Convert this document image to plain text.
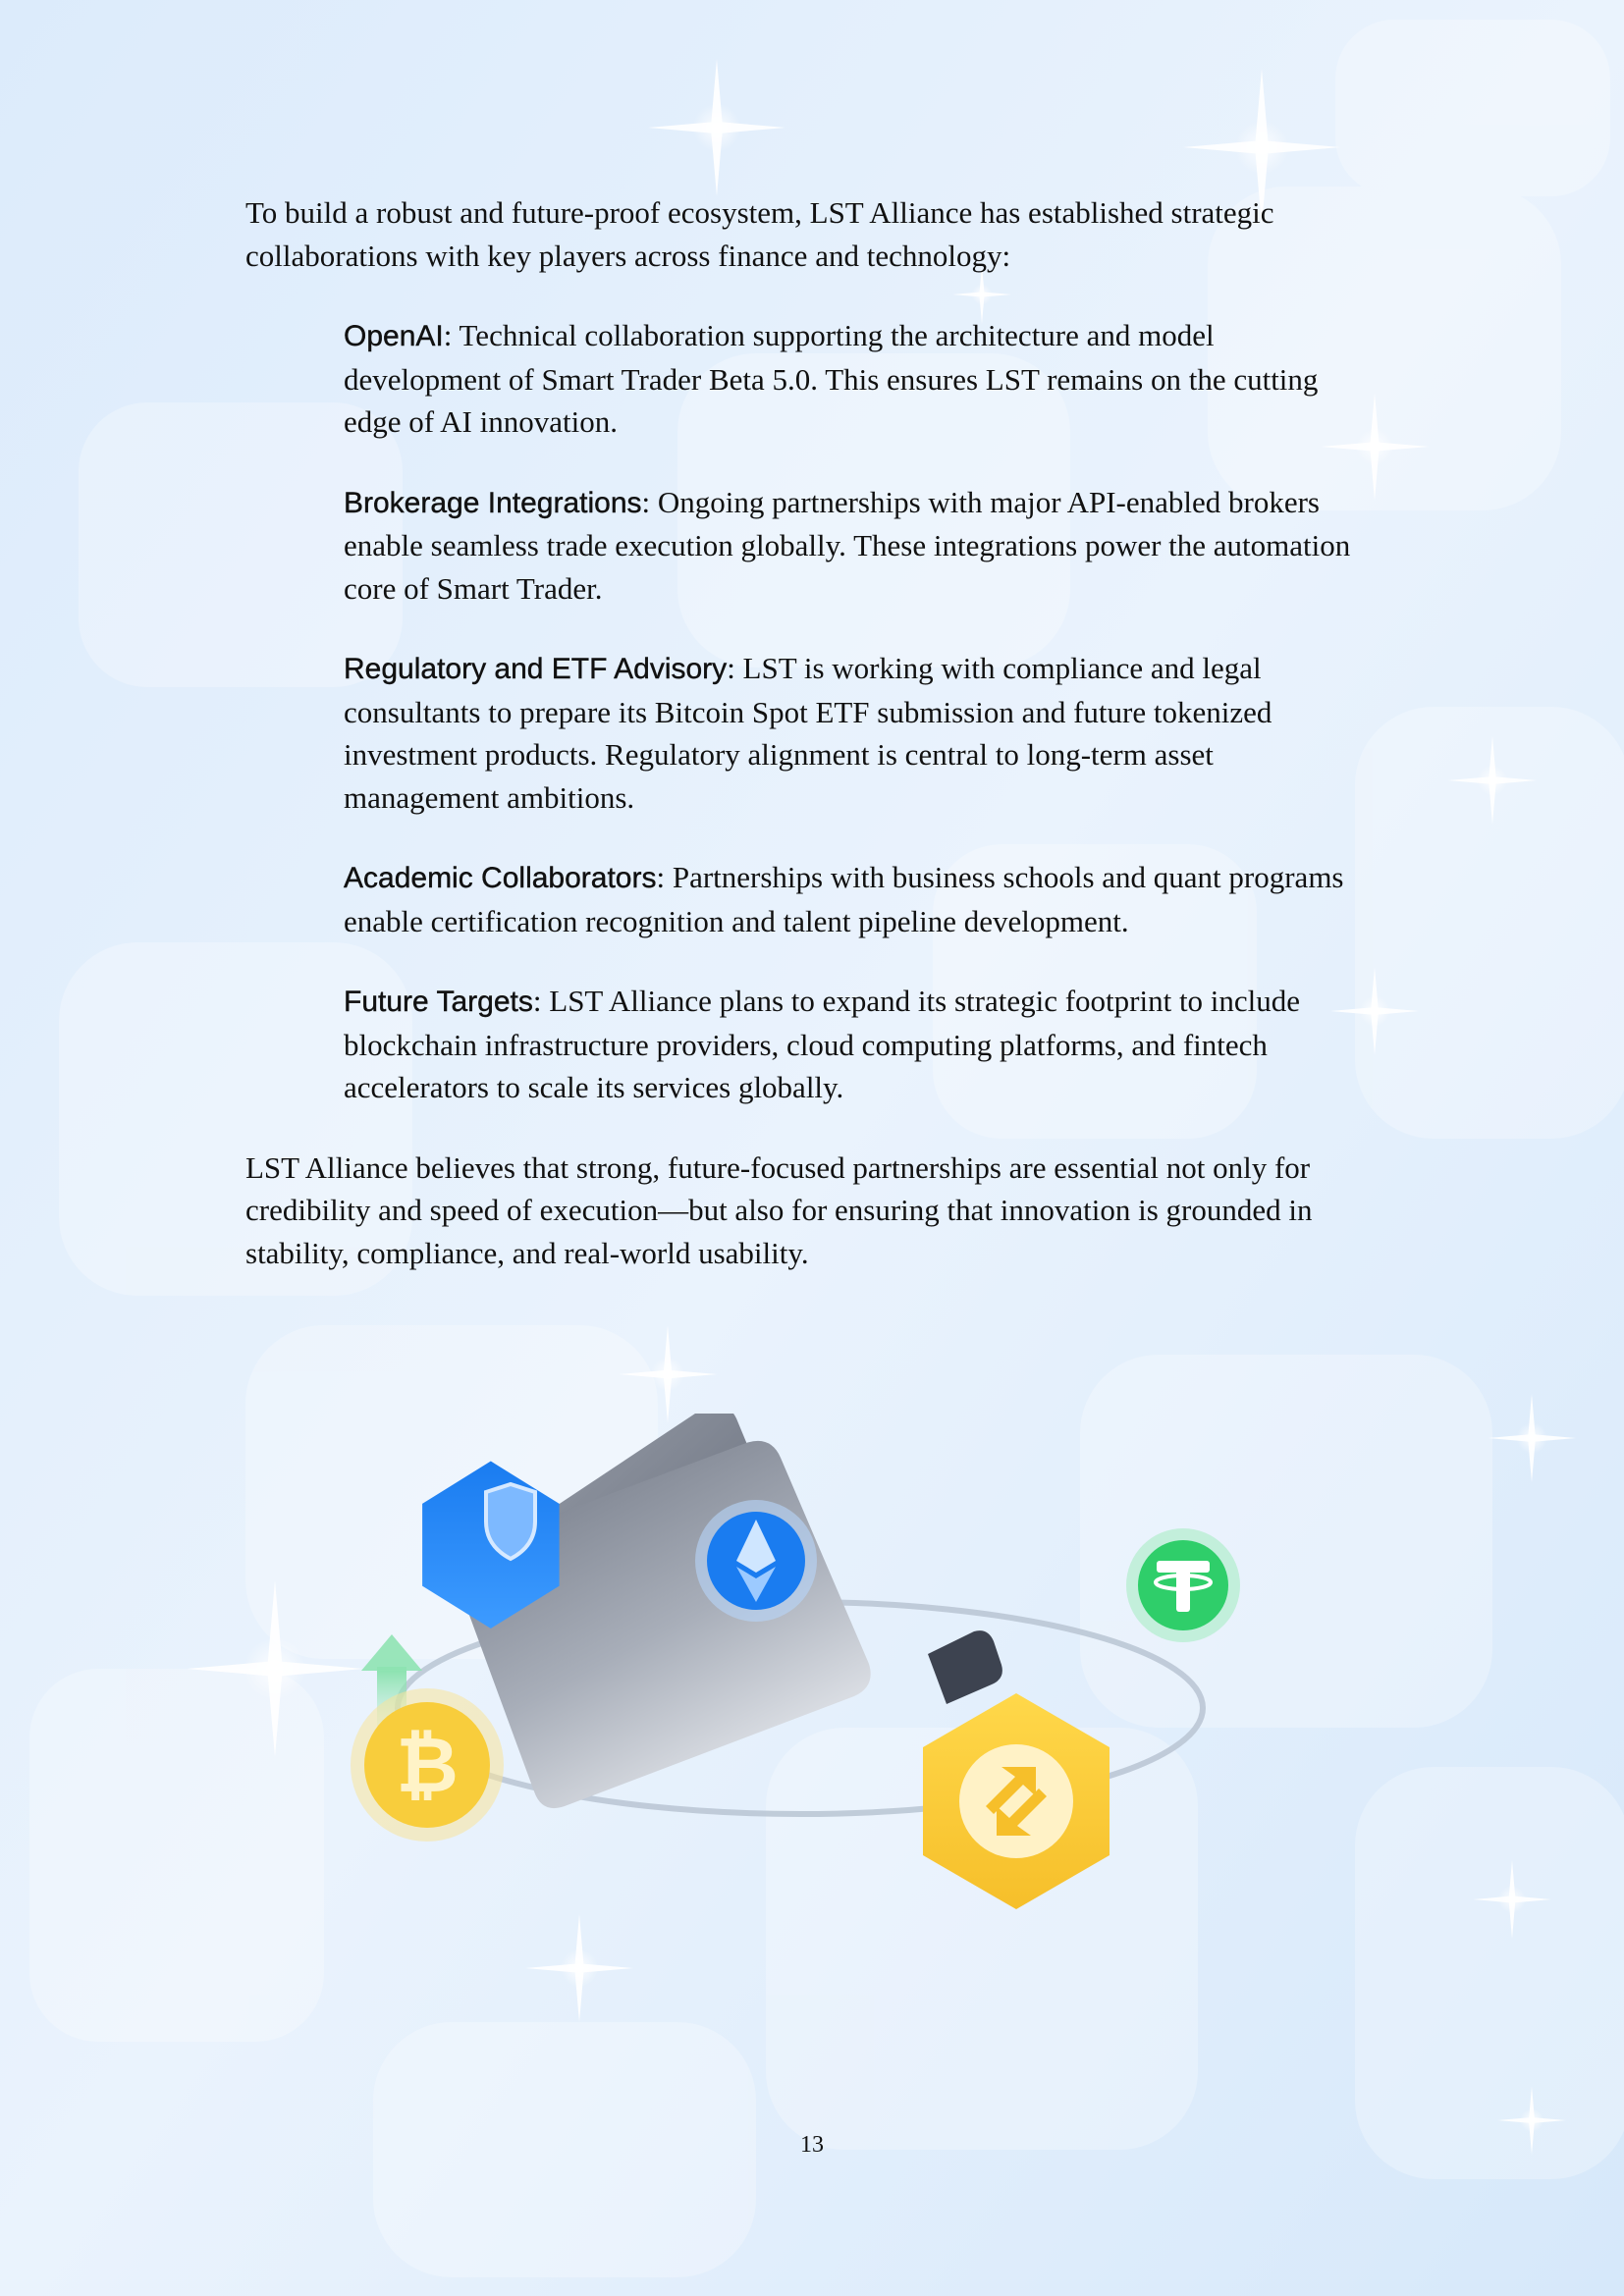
To build a robust and future-proof ecosystem, LST Alliance has established strategic collaborations with key players across finance and technology:

OpenAI: Technical collaboration supporting the architecture and model development of Smart Trader Beta 5.0. This ensures LST remains on the cutting edge of AI innovation.

Brokerage Integrations: Ongoing partnerships with major API-enabled brokers enable seamless trade execution globally. These integrations power the automation core of Smart Trader.

Regulatory and ETF Advisory: LST is working with compliance and legal consultants to prepare its Bitcoin Spot ETF submission and future tokenized investment products. Regulatory alignment is central to long-term asset management ambitions.

Academic Collaborators: Partnerships with business schools and quant programs enable certification recognition and talent pipeline development.

Future Targets: LST Alliance plans to expand its strategic footprint to include blockchain infrastructure providers, cloud computing platforms, and fintech accelerators to scale its services globally.

LST Alliance believes that strong, future-focused partnerships are essential not only for credibility and speed of execution—but also for ensuring that innovation is grounded in stability, compliance, and real-world usability.

₿
13
